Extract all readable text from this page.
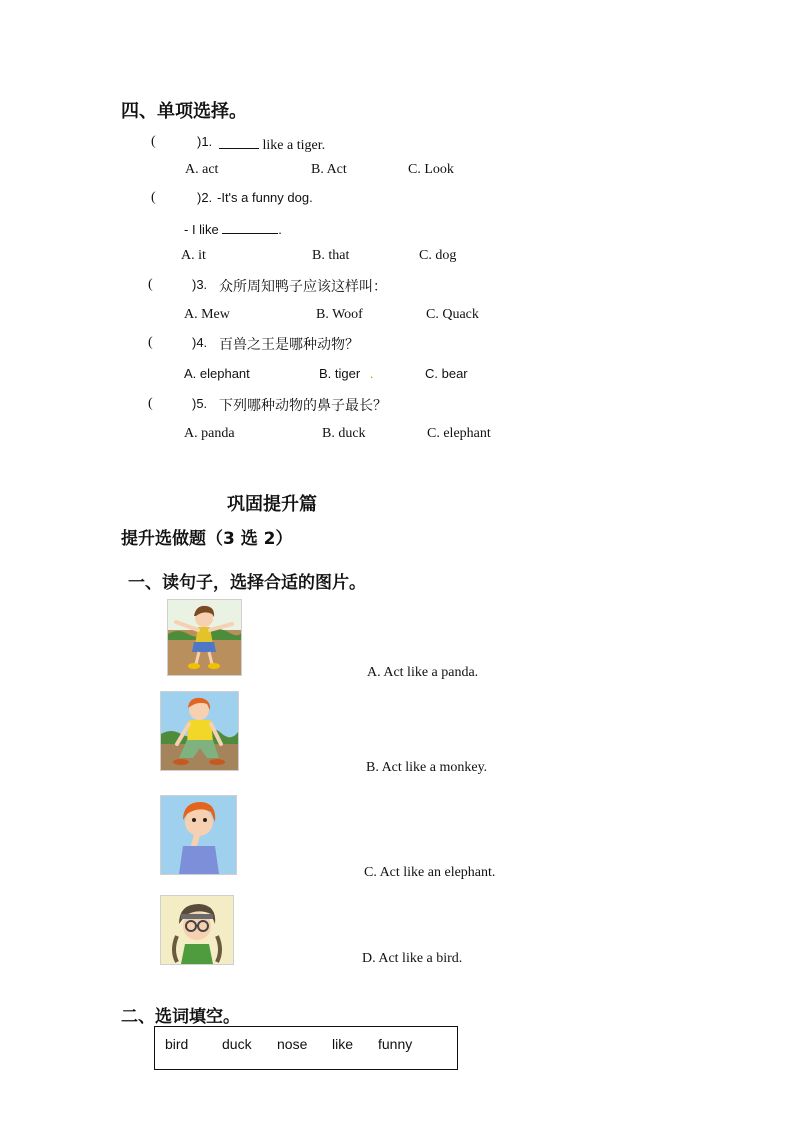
四、单项选择。
(	)1.	like a tiger.
A. act	B. Act	C. Look
(	)2. -It's a funny dog.
- I like	.
A. it	B. that	C. dog
(	)3. 众所周知鸭子应该这样叫：
A. Mew	B. Woof	C. Quack
(	)4. 百兽之王是哪种动物？
A. elephant	B. tiger .	C. bear
(	)5. 下列哪种动物的鼻子最长？
A. panda	B. duck	C. elephant
巩固提升篇
提升选做题（3 选 2）
一、读句子，选择合适的图片。
A. Act like a panda.
B. Act like a monkey.
C. Act like an elephant.
D. Act like a bird.
二、选词填空。
bird duck nose like funny
